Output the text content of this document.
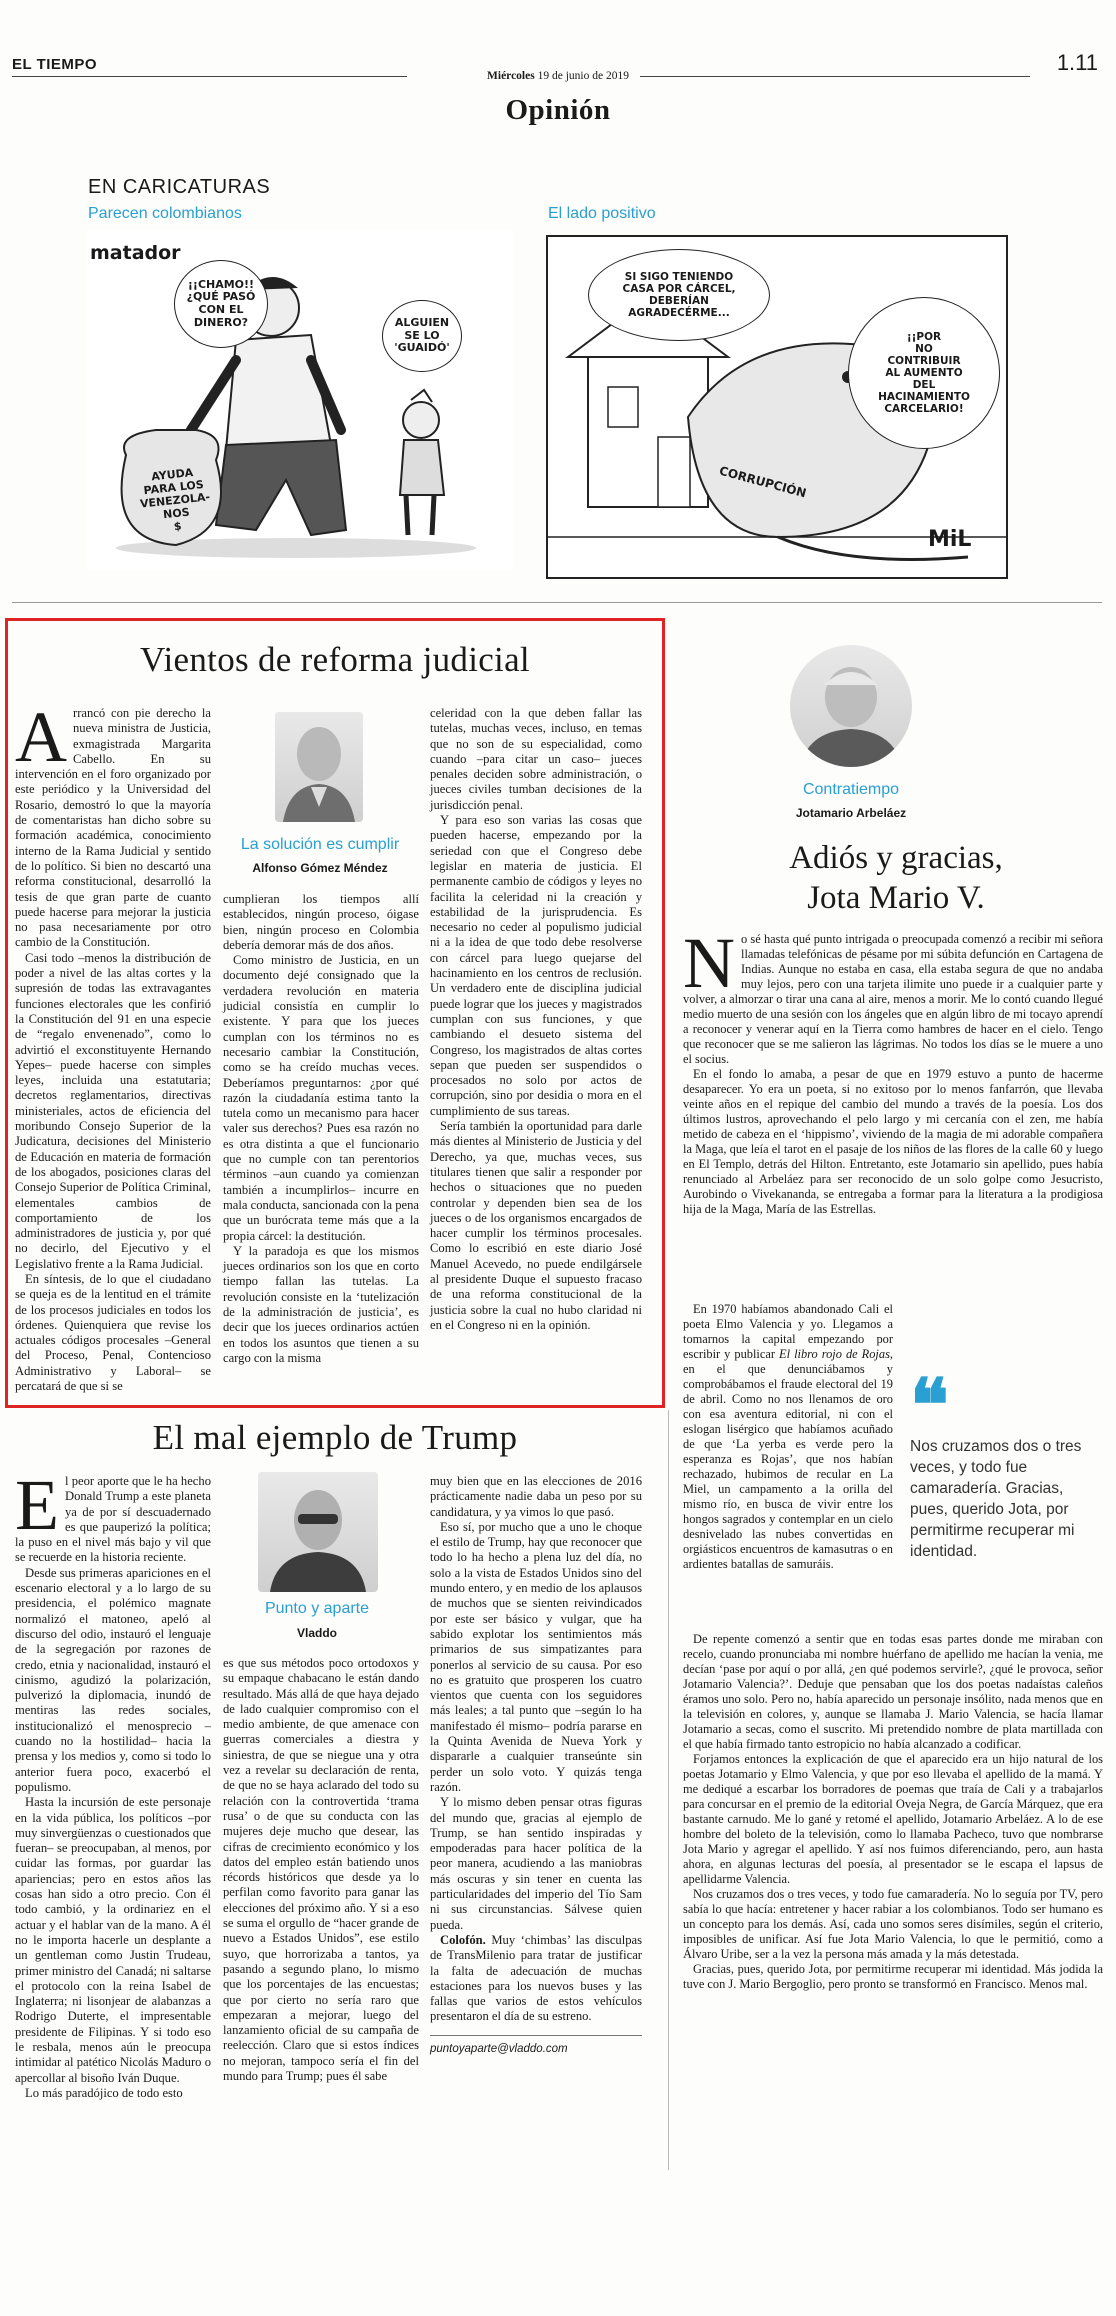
EL TIEMPO
Miércoles 19 de junio de 2019
1.11
Opinión
EN CARICATURAS
Parecen colombianos	El lado positivo
matador
¡¡CHAMO!!
¿QUÉ PASÓ
CON EL
DINERO?	ALGUIEN
SE LO
'GUAIDÓ'
AYUDA
PARA LOS
VENEZOLA-
NOS
$
SI SIGO TENIENDO
CASA POR CÁRCEL,
DEBERÍAN
AGRADECÉRME...
¡¡POR
NO
CONTRIBUIR
AL AUMENTO
DEL
HACINAMIENTO
CARCELARIO!
CORRUPCIÓN
MiL
Vientos de reforma judicial
La solución es cumplir
Alfonso Gómez Méndez

Arrancó con pie derecho la nueva ministra de Justicia, exmagistrada Margarita Cabello. En su intervención en el foro organizado por este periódico y la Universidad del Rosario, demostró lo que la mayoría de comentaristas han dicho sobre su formación académica, conocimiento interno de la Rama Judicial y sentido de lo político. Si bien no descartó una reforma constitucional, desarrolló la tesis de que gran parte de cuanto puede hacerse para mejorar la justicia no pasa necesariamente por otro cambio de la Constitución.

Casi todo –menos la distribución de poder a nivel de las altas cortes y la supresión de todas las extravagantes funciones electorales que les confirió la Constitución del 91 en una especie de “regalo envenenado”, como lo advirtió el exconstituyente Hernando Yepes– puede hacerse con simples leyes, incluida una estatutaria; decretos reglamentarios, directivas ministeriales, actos de eficiencia del moribundo Consejo Superior de la Judicatura, decisiones del Ministerio de Educación en materia de formación de los abogados, posiciones claras del Consejo Superior de Política Criminal, elementales cambios de comportamiento de los administradores de justicia y, por qué no decirlo, del Ejecutivo y el Legislativo frente a la Rama Judicial.

En síntesis, de lo que el ciudadano se queja es de la lentitud en el trámite de los procesos judiciales en todos los órdenes. Quienquiera que revise los actuales códigos procesales –General del Proceso, Penal, Contencioso Administrativo y Laboral– se percatará de que si se

cumplieran los tiempos allí establecidos, ningún proceso, óigase bien, ningún proceso en Colombia debería demorar más de dos años.

Como ministro de Justicia, en un documento dejé consignado que la verdadera revolución en materia judicial consistía en cumplir lo existente. Y para que los jueces cumplan con los términos no es necesario cambiar la Constitución, como se ha creído muchas veces. Deberíamos preguntarnos: ¿por qué razón la ciudadanía estima tanto la tutela como un mecanismo para hacer valer sus derechos? Pues esa razón no es otra distinta a que el funcionario que no cumple con tan perentorios términos –aun cuando ya comienzan también a incumplirlos– incurre en mala conducta, sancionada con la pena que un burócrata teme más que a la propia cárcel: la destitución.

Y la paradoja es que los mismos jueces ordinarios son los que en corto tiempo fallan las tutelas. La revolución consiste en la ‘tutelización de la administración de justicia’, es decir que los jueces ordinarios actúen en todos los asuntos que tienen a su cargo con la misma

celeridad con la que deben fallar las tutelas, muchas veces, incluso, en temas que no son de su especialidad, como cuando –para citar un caso– jueces penales deciden sobre administración, o jueces civiles tumban decisiones de la jurisdicción penal.

Y para eso son varias las cosas que pueden hacerse, empezando por la seriedad con que el Congreso debe legislar en materia de justicia. El permanente cambio de códigos y leyes no facilita la celeridad ni la creación y estabilidad de la jurisprudencia. Es necesario no ceder al populismo judicial ni a la idea de que todo debe resolverse con cárcel para luego quejarse del hacinamiento en los centros de reclusión. Un verdadero ente de disciplina judicial puede lograr que los jueces y magistrados cumplan con sus funciones, y que cambiando el desueto sistema del Congreso, los magistrados de altas cortes sepan que pueden ser suspendidos o procesados no solo por actos de corrupción, sino por desidia o mora en el cumplimiento de sus tareas.

Sería también la oportunidad para darle más dientes al Ministerio de Justicia y del Derecho, ya que, muchas veces, sus titulares tienen que salir a responder por hechos o situaciones que no pueden controlar y dependen bien sea de los jueces o de los organismos encargados de hacer cumplir los términos procesales. Como lo escribió en este diario José Manuel Acevedo, no puede endilgársele al presidente Duque el supuesto fracaso de una reforma constitucional de la justicia sobre la cual no hubo claridad ni en el Congreso ni en la opinión.

El mal ejemplo de Trump
Punto y aparte
Vladdo

El peor aporte que le ha hecho Donald Trump a este planeta ya de por sí descuadernado es que pauperizó la política; la puso en el nivel más bajo y vil que se recuerde en la historia reciente.

Desde sus primeras apariciones en el escenario electoral y a lo largo de su presidencia, el polémico magnate normalizó el matoneo, apeló al discurso del odio, instauró el lenguaje de la segregación por razones de credo, etnia y nacionalidad, instauró el cinismo, agudizó la polarización, pulverizó la diplomacia, inundó de mentiras las redes sociales, institucionalizó el menosprecio –cuando no la hostilidad– hacia la prensa y los medios y, como si todo lo anterior fuera poco, exacerbó el populismo.

Hasta la incursión de este personaje en la vida pública, los políticos –por muy sinvergüenzas o cuestionados que fueran– se preocupaban, al menos, por cuidar las formas, por guardar las apariencias; pero en estos años las cosas han sido a otro precio. Con él todo cambió, y la ordinariez en el actuar y el hablar van de la mano. A él no le importa hacerle un desplante a un gentleman como Justin Trudeau, primer ministro del Canadá; ni saltarse el protocolo con la reina Isabel de Inglaterra; ni lisonjear de alabanzas a Rodrigo Duterte, el impresentable presidente de Filipinas. Y si todo eso le resbala, menos aún le preocupa intimidar al patético Nicolás Maduro o apercollar al bisoño Iván Duque.

Lo más paradójico de todo esto

es que sus métodos poco ortodoxos y su empaque chabacano le están dando resultado. Más allá de que haya dejado de lado cualquier compromiso con el medio ambiente, de que amenace con guerras comerciales a diestra y siniestra, de que se niegue una y otra vez a revelar su declaración de renta, de que no se haya aclarado del todo su relación con la controvertida ‘trama rusa’ o de que su conducta con las mujeres deje mucho que desear, las cifras de crecimiento económico y los datos del empleo están batiendo unos récords históricos que desde ya lo perfilan como favorito para ganar las elecciones del próximo año. Y si a eso se suma el orgullo de “hacer grande de nuevo a Estados Unidos”, ese estilo suyo, que horrorizaba a tantos, ya pasando a segundo plano, lo mismo que los porcentajes de las encuestas; que por cierto no sería raro que empezaran a mejorar, luego del lanzamiento oficial de su campaña de reelección. Claro que si estos índices no mejoran, tampoco sería el fin del mundo para Trump; pues él sabe

muy bien que en las elecciones de 2016 prácticamente nadie daba un peso por su candidatura, y ya vimos lo que pasó.

Eso sí, por mucho que a uno le choque el estilo de Trump, hay que reconocer que todo lo ha hecho a plena luz del día, no solo a la vista de Estados Unidos sino del mundo entero, y en medio de los aplausos de muchos que se sienten reivindicados por este ser básico y vulgar, que ha sabido explotar los sentimientos más primarios de sus simpatizantes para ponerlos al servicio de su causa. Por eso no es gratuito que prosperen los cuatro vientos que cuenta con los seguidores más leales; a tal punto que –según lo ha manifestado él mismo– podría pararse en la Quinta Avenida de Nueva York y dispararle a cualquier transeúnte sin perder un solo voto. Y quizás tenga razón.

Y lo mismo deben pensar otras figuras del mundo que, gracias al ejemplo de Trump, se han sentido inspiradas y empoderadas para hacer política de la peor manera, acudiendo a las maniobras más oscuras y sin tener en cuenta las particularidades del imperio del Tío Sam ni sus circunstancias. Sálvese quien pueda.

Colofón. Muy ‘chimbas’ las disculpas de TransMilenio para tratar de justificar la falta de adecuación de muchas estaciones para los nuevos buses y las fallas que varios de estos vehículos presentaron el día de su estreno.

puntoyaparte@vladdo.com
Contratiempo
Jotamario Arbeláez
Adiós y gracias,
Jota Mario V.

No sé hasta qué punto intrigada o preocupada comenzó a recibir mi señora llamadas telefónicas de pésame por mi súbita defunción en Cartagena de Indias. Aunque no estaba en casa, ella estaba segura de que no andaba muy lejos, pero con una tarjeta ilimite uno puede ir a cualquier parte y volver, a almorzar o tirar una cana al aire, menos a morir. Me lo contó cuando llegué medio muerto de una sesión con los ángeles que en algún libro de mi tocayo aprendí a reconocer y venerar aquí en la Tierra como hambres de hacer en el cielo. Tengo que reconocer que se me salieron las lágrimas. No todos los días se le muere a uno el socius.

En el fondo lo amaba, a pesar de que en 1979 estuvo a punto de hacerme desaparecer. Yo era un poeta, si no exitoso por lo menos fanfarrón, que llevaba veinte años en el repique del cambio del mundo a través de la poesía. Los dos últimos lustros, aprovechando el pelo largo y mi cercanía con el zen, me había metido de cabeza en el ‘hippismo’, viviendo de la magia de mi adorable compañera la Maga, que leía el tarot en el pasaje de los niños de las flores de la calle 60 y luego en El Templo, detrás del Hilton. Entretanto, este Jotamario sin apellido, pues había renunciado al Arbeláez para ser reconocido de un solo golpe como Jesucristo, Aurobindo o Vivekananda, se entregaba a formar para la literatura a la prodigiosa hija de la Maga, María de las Estrellas.

En 1970 habíamos abandonado Cali el poeta Elmo Valencia y yo. Llegamos a tomarnos la capital empezando por escribir y publicar El libro rojo de Rojas, en el que denunciábamos y comprobábamos el fraude electoral del 19 de abril. Como no nos llenamos de oro con esa aventura editorial, ni con el eslogan lisérgico que habíamos acuñado de que ‘La yerba es verde pero la esperanza es Rojas’, que nos habían rechazado, hubimos de recular en La Miel, un campamento a la orilla del mismo río, en busca de vivir entre los hongos sagrados y contemplar en un cielo desnivelado las nubes convertidas en orgiásticos encuentros de kamasutras o en ardientes batallas de samuráis.

❝
Nos cruzamos dos o tres veces, y todo fue camaradería. Gracias, pues, querido Jota, por permitirme recuperar mi identidad.

De repente comenzó a sentir que en todas esas partes donde me miraban con recelo, cuando pronunciaba mi nombre huérfano de apellido me hacían la venia, me decían ‘pase por aquí o por allá, ¿en qué podemos servirle?, ¿qué le provoca, señor Jotamario Valencia?’. Deduje que pensaban que los dos poetas nadaístas caleños éramos uno solo. Pero no, había aparecido un personaje insólito, nada menos que en la televisión en colores, y, aunque se llamaba J. Mario Valencia, se hacía llamar Jotamario a secas, como el suscrito. Mi pretendido nombre de plata martillada con el que había firmado tanto estropicio no había alcanzado a codificar.

Forjamos entonces la explicación de que el aparecido era un hijo natural de los poetas Jotamario y Elmo Valencia, y que por eso llevaba el apellido de la mamá. Y me dediqué a escarbar los borradores de poemas que traía de Cali y a trabajarlos para concursar en el premio de la editorial Oveja Negra, de García Márquez, que era bastante carnudo. Me lo gané y retomé el apellido, Jotamario Arbeláez. A lo de ese hombre del boleto de la televisión, como lo llamaba Pacheco, tuvo que nombrarse Jota Mario y agregar el apellido. Y así nos fuimos diferenciando, pero, aun hasta ahora, en algunas lecturas del poesía, al presentador se le escapa el lapsus de apellidarme Valencia.

Nos cruzamos dos o tres veces, y todo fue camaradería. No lo seguía por TV, pero sabía lo que hacía: entretener y hacer rabiar a los colombianos. Todo ser humano es un concepto para los demás. Así, cada uno somos seres disímiles, según el criterio, imposibles de unificar. Así fue Jota Mario Valencia, lo que le permitió, como a Álvaro Uribe, ser a la vez la persona más amada y la más detestada.

Gracias, pues, querido Jota, por permitirme recuperar mi identidad. Más jodida la tuve con J. Mario Bergoglio, pero pronto se transformó en Francisco. Menos mal.
